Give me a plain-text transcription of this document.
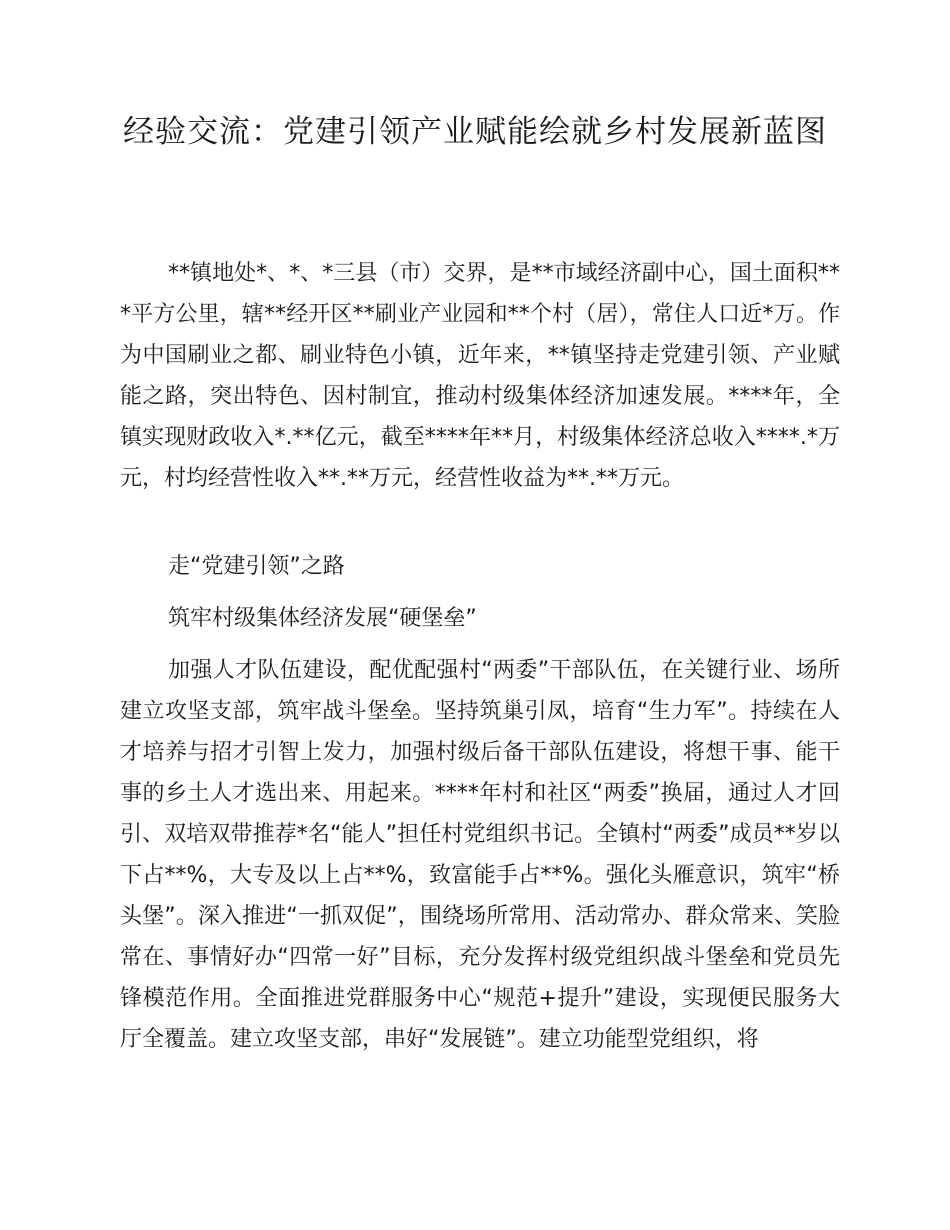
经验交流：党建引领产业赋能绘就乡村发展新蓝图

**镇地处*、*、*三县（市）交界，是**市域经济副中心，国土面积***平方公里，辖**经开区**刷业产业园和**个村（居），常住人口近*万。作为中国刷业之都、刷业特色小镇，近年来，**镇坚持走党建引领、产业赋能之路，突出特色、因村制宜，推动村级集体经济加速发展。****年，全镇实现财政收入*.**亿元，截至****年**月，村级集体经济总收入****.*万元，村均经营性收入**.**万元，经营性收益为**.**万元。

走“党建引领”之路

筑牢村级集体经济发展“硬堡垒”

加强人才队伍建设，配优配强村“两委”干部队伍，在关键行业、场所建立攻坚支部，筑牢战斗堡垒。坚持筑巢引凤，培育“生力军”。持续在人才培养与招才引智上发力，加强村级后备干部队伍建设，将想干事、能干事的乡土人才选出来、用起来。****年村和社区“两委”换届，通过人才回引、双培双带推荐*名“能人”担任村党组织书记。全镇村“两委”成员**岁以下占**%，大专及以上占**%，致富能手占**%。强化头雁意识，筑牢“桥头堡”。深入推进“一抓双促”，围绕场所常用、活动常办、群众常来、笑脸常在、事情好办“四常一好”目标，充分发挥村级党组织战斗堡垒和党员先锋模范作用。全面推进党群服务中心“规范+提升”建设，实现便民服务大厅全覆盖。建立攻坚支部，串好“发展链”。建立功能型党组织，将
